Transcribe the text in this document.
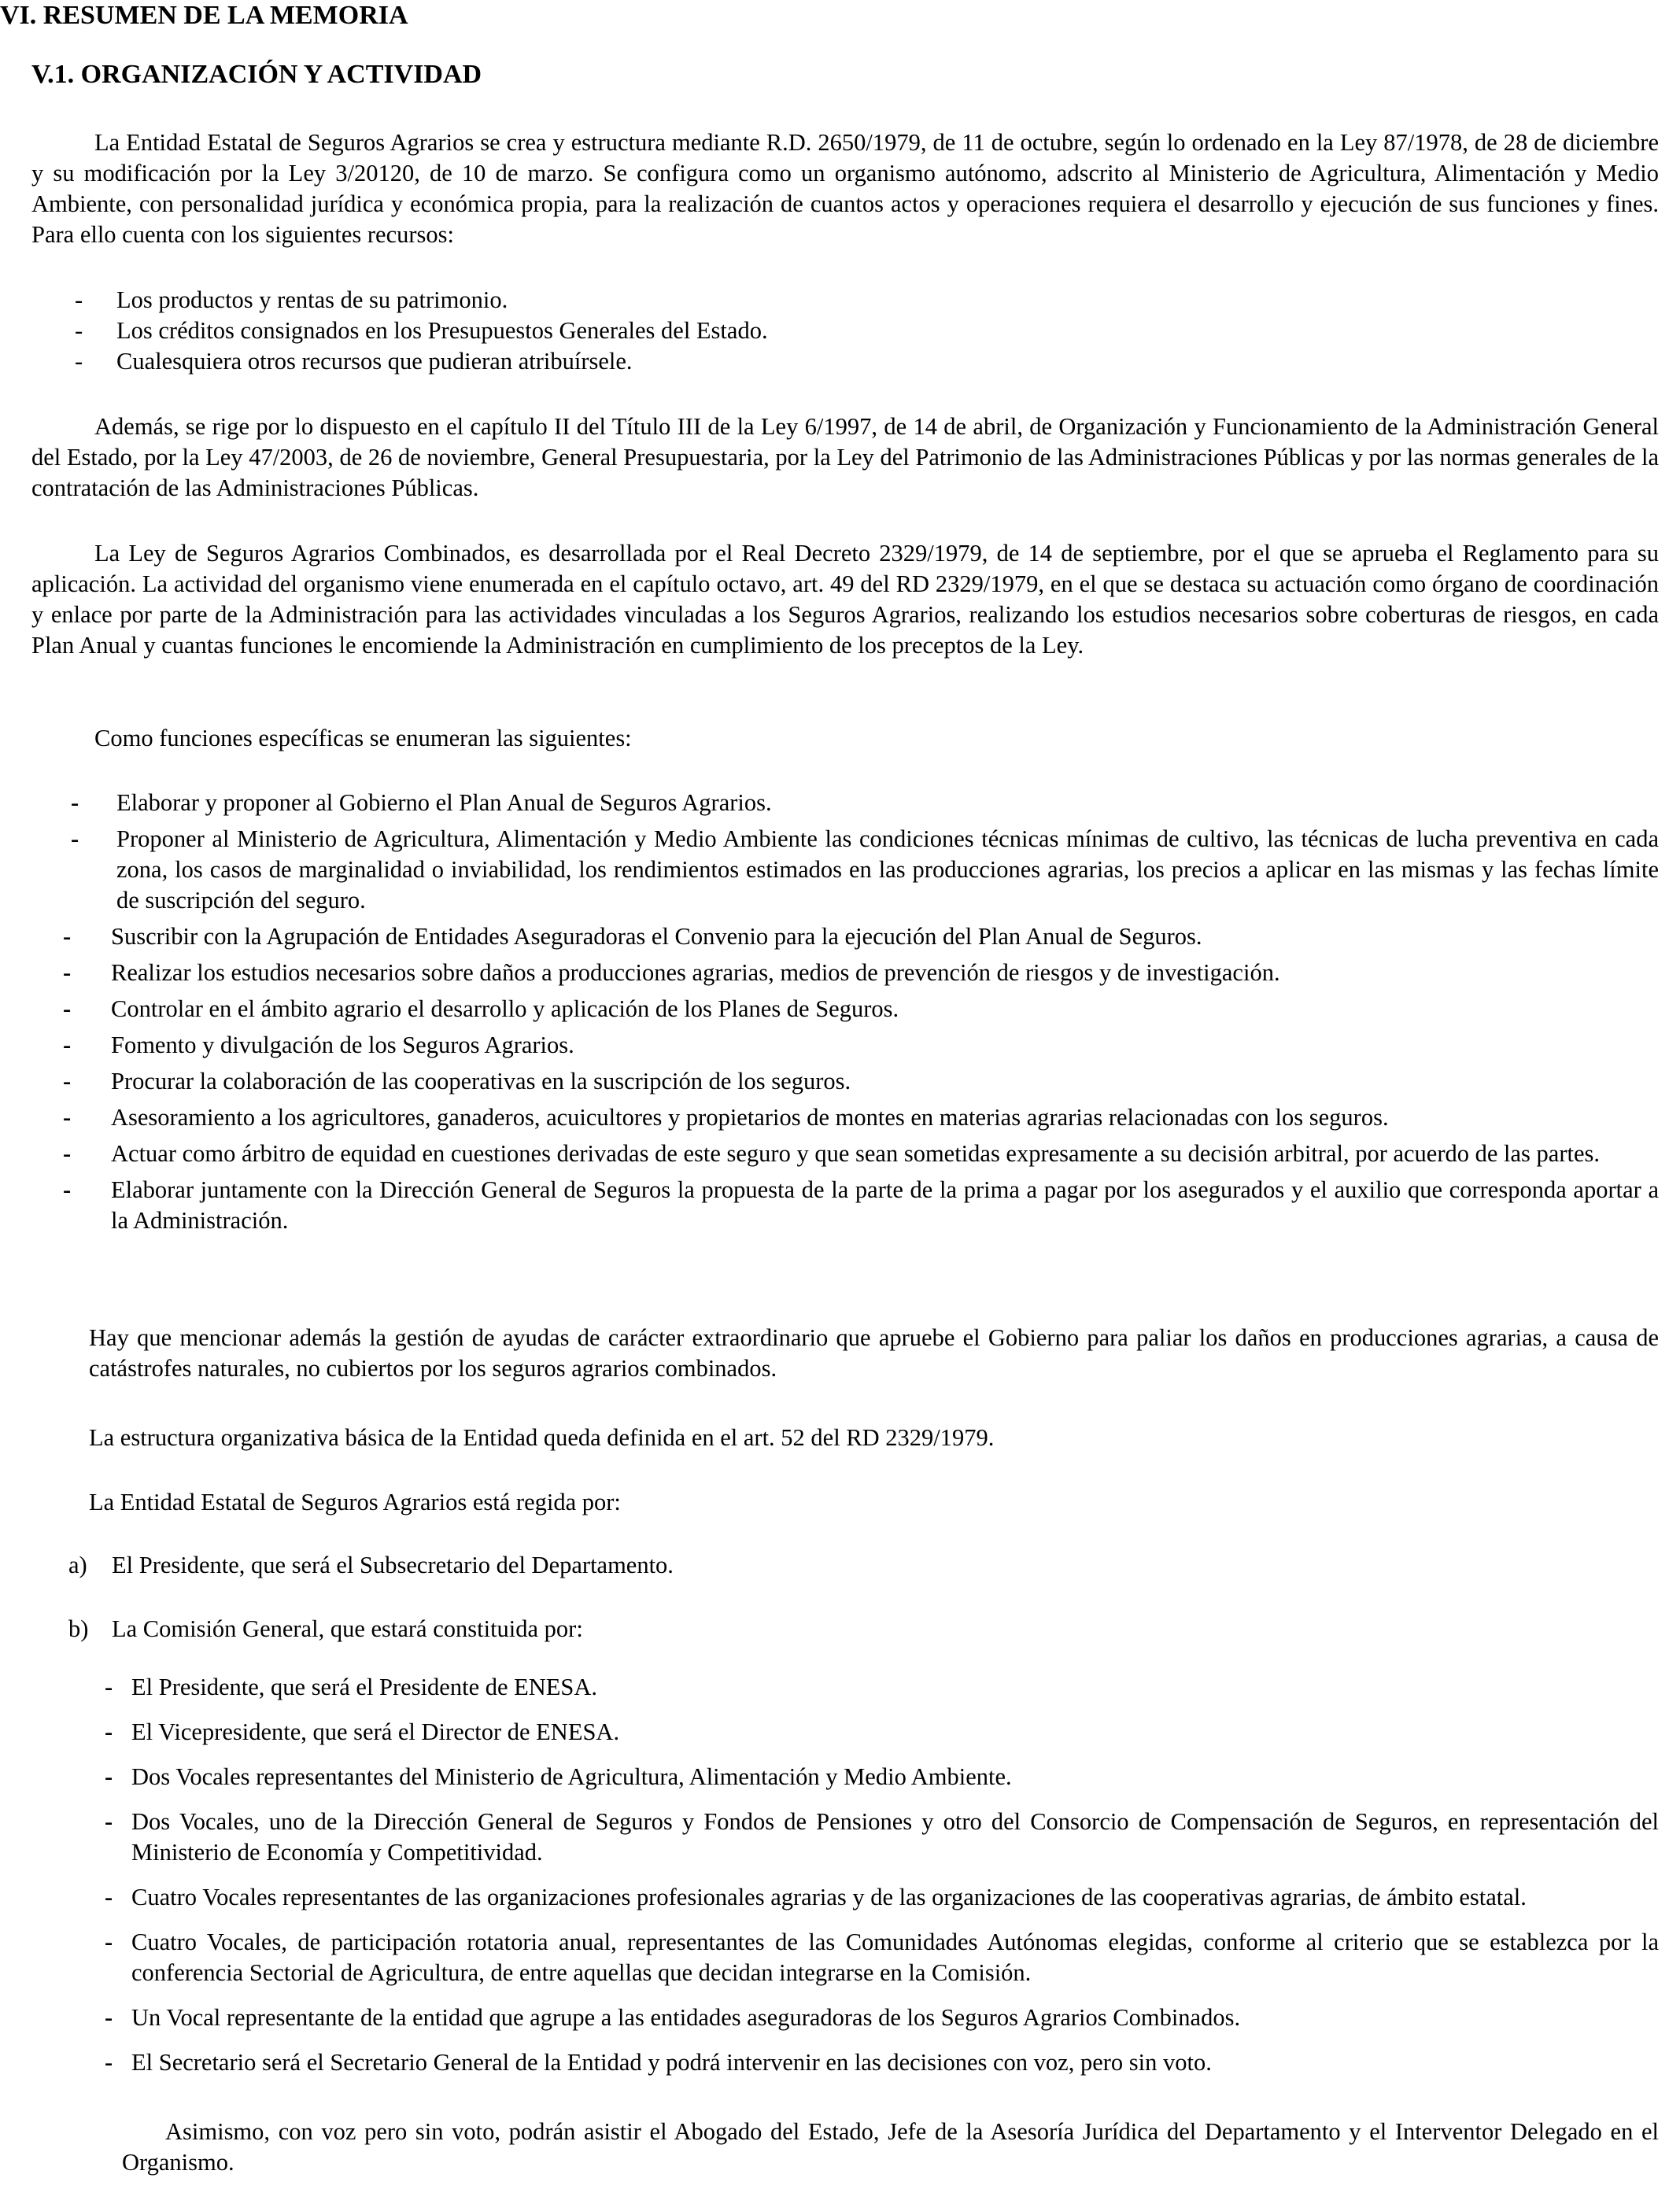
VI. RESUMEN DE LA MEMORIA
V.1. ORGANIZACIÓN Y ACTIVIDAD

La Entidad Estatal de Seguros Agrarios se crea y estructura mediante R.D. 2650/1979, de 11 de octubre, según lo ordenado en la Ley 87/1978, de 28 de diciembre y su modificación por la Ley 3/20120, de 10 de marzo. Se configura como un organismo autónomo, adscrito al Ministerio de Agricultura, Alimentación y Medio Ambiente, con personalidad jurídica y económica propia, para la realización de cuantos actos y operaciones requiera el desarrollo y ejecución de sus funciones y fines. Para ello cuenta con los siguientes recursos:

- Los productos y rentas de su patrimonio.
- Los créditos consignados en los Presupuestos Generales del Estado.
- Cualesquiera otros recursos que pudieran atribuírsele.

Además, se rige por lo dispuesto en el capítulo II del Título III de la Ley 6/1997, de 14 de abril, de Organización y Funcionamiento de la Administración General del Estado, por la Ley 47/2003, de 26 de noviembre, General Presupuestaria, por la Ley del Patrimonio de las Administraciones Públicas y por las normas generales de la contratación de las Administraciones Públicas.

La Ley de Seguros Agrarios Combinados, es desarrollada por el Real Decreto 2329/1979, de 14 de septiembre, por el que se aprueba el Reglamento para su aplicación. La actividad del organismo viene enumerada en el capítulo octavo, art. 49 del RD 2329/1979, en el que se destaca su actuación como órgano de coordinación y enlace por parte de la Administración para las actividades vinculadas a los Seguros Agrarios, realizando los estudios necesarios sobre coberturas de riesgos, en cada Plan Anual y cuantas funciones le encomiende la Administración en cumplimiento de los preceptos de la Ley.

Como funciones específicas se enumeran las siguientes:

- Elaborar y proponer al Gobierno el Plan Anual de Seguros Agrarios.
- Proponer al Ministerio de Agricultura, Alimentación y Medio Ambiente las condiciones técnicas mínimas de cultivo, las técnicas de lucha preventiva en cada zona, los casos de marginalidad o inviabilidad, los rendimientos estimados en las producciones agrarias, los precios a aplicar en las mismas y las fechas límite de suscripción del seguro.
- Suscribir con la Agrupación de Entidades Aseguradoras el Convenio para la ejecución del Plan Anual de Seguros.
- Realizar los estudios necesarios sobre daños a producciones agrarias, medios de prevención de riesgos y de investigación.
- Controlar en el ámbito agrario el desarrollo y aplicación de los Planes de Seguros.
- Fomento y divulgación de los Seguros Agrarios.
- Procurar la colaboración de las cooperativas en la suscripción de los seguros.
- Asesoramiento a los agricultores, ganaderos, acuicultores y propietarios de montes en materias agrarias relacionadas con los seguros.
- Actuar como árbitro de equidad en cuestiones derivadas de este seguro y que sean sometidas expresamente a su decisión arbitral, por acuerdo de las partes.
- Elaborar juntamente con la Dirección General de Seguros la propuesta de la parte de la prima a pagar por los asegurados y el auxilio que corresponda aportar a la Administración.

Hay que mencionar además la gestión de ayudas de carácter extraordinario que apruebe el Gobierno para paliar los daños en producciones agrarias, a causa de catástrofes naturales, no cubiertos por los seguros agrarios combinados.

La estructura organizativa básica de la Entidad queda definida en el art. 52 del RD 2329/1979.

La Entidad Estatal de Seguros Agrarios está regida por:

a) El Presidente, que será el Subsecretario del Departamento.
b) La Comisión General, que estará constituida por:
- El Presidente, que será el Presidente de ENESA.
- El Vicepresidente, que será el Director de ENESA.
- Dos Vocales representantes del Ministerio de Agricultura, Alimentación y Medio Ambiente.
- Dos Vocales, uno de la Dirección General de Seguros y Fondos de Pensiones y otro del Consorcio de Compensación de Seguros, en representación del Ministerio de Economía y Competitividad.
- Cuatro Vocales representantes de las organizaciones profesionales agrarias y de las organizaciones de las cooperativas agrarias, de ámbito estatal.
- Cuatro Vocales, de participación rotatoria anual, representantes de las Comunidades Autónomas elegidas, conforme al criterio que se establezca por la conferencia Sectorial de Agricultura, de entre aquellas que decidan integrarse en la Comisión.
- Un Vocal representante de la entidad que agrupe a las entidades aseguradoras de los Seguros Agrarios Combinados.
- El Secretario será el Secretario General de la Entidad y podrá intervenir en las decisiones con voz, pero sin voto.

Asimismo, con voz pero sin voto, podrán asistir el Abogado del Estado, Jefe de la Asesoría Jurídica del Departamento y el Interventor Delegado en el Organismo.
